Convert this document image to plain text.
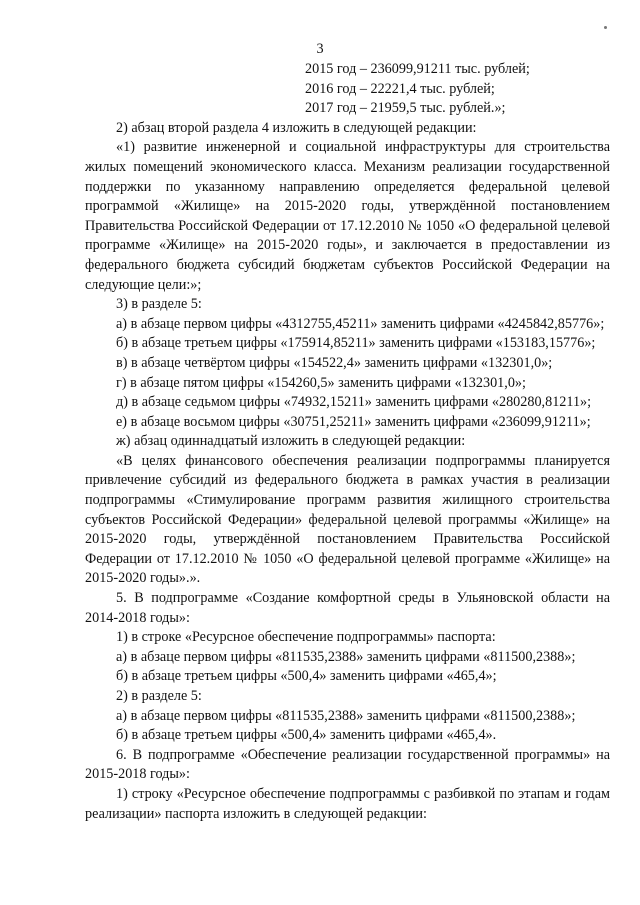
3

2015 год – 236099,91211 тыс. рублей;

2016 год – 22221,4 тыс. рублей;

2017 год – 21959,5 тыс. рублей.»;

2) абзац второй раздела 4 изложить в следующей редакции:

«1) развитие инженерной и социальной инфраструктуры для строительства жилых помещений экономического класса. Механизм реализации государственной поддержки по указанному направлению определяется федеральной целевой программой «Жилище» на 2015-2020 годы, утверждённой постановлением Правительства Российской Федерации от 17.12.2010 № 1050 «О федеральной целевой программе «Жилище» на 2015-2020 годы», и заключается в предоставлении из федерального бюджета субсидий бюджетам субъектов Российской Федерации на следующие цели:»;

3) в разделе 5:

а) в абзаце первом цифры «4312755,45211» заменить цифрами «4245842,85776»;

б) в абзаце третьем цифры «175914,85211» заменить цифрами «153183,15776»;

в) в абзаце четвёртом цифры «154522,4» заменить цифрами «132301,0»;

г) в абзаце пятом цифры «154260,5» заменить цифрами «132301,0»;

д) в абзаце седьмом цифры «74932,15211» заменить цифрами «280280,81211»;

е) в абзаце восьмом цифры «30751,25211» заменить цифрами «236099,91211»;

ж) абзац одиннадцатый изложить в следующей редакции:

«В целях финансового обеспечения реализации подпрограммы планируется привлечение субсидий из федерального бюджета в рамках участия в реализации подпрограммы «Стимулирование программ развития жилищного строительства субъектов Российской Федерации» федеральной целевой программы «Жилище» на 2015-2020 годы, утверждённой постановлением Правительства Российской Федерации от 17.12.2010 № 1050 «О федеральной целевой программе «Жилище» на 2015-2020 годы».».

5. В подпрограмме «Создание комфортной среды в Ульяновской области на 2014-2018 годы»:

1) в строке «Ресурсное обеспечение подпрограммы» паспорта:

а) в абзаце первом цифры «811535,2388» заменить цифрами «811500,2388»;

б) в абзаце третьем цифры «500,4» заменить цифрами «465,4»;

2) в разделе 5:

а) в абзаце первом цифры «811535,2388» заменить цифрами «811500,2388»;

б) в абзаце третьем цифры «500,4» заменить цифрами «465,4».

6. В подпрограмме «Обеспечение реализации государственной программы» на 2015-2018 годы»:

1) строку «Ресурсное обеспечение подпрограммы с разбивкой по этапам и годам реализации» паспорта изложить в следующей редакции:
